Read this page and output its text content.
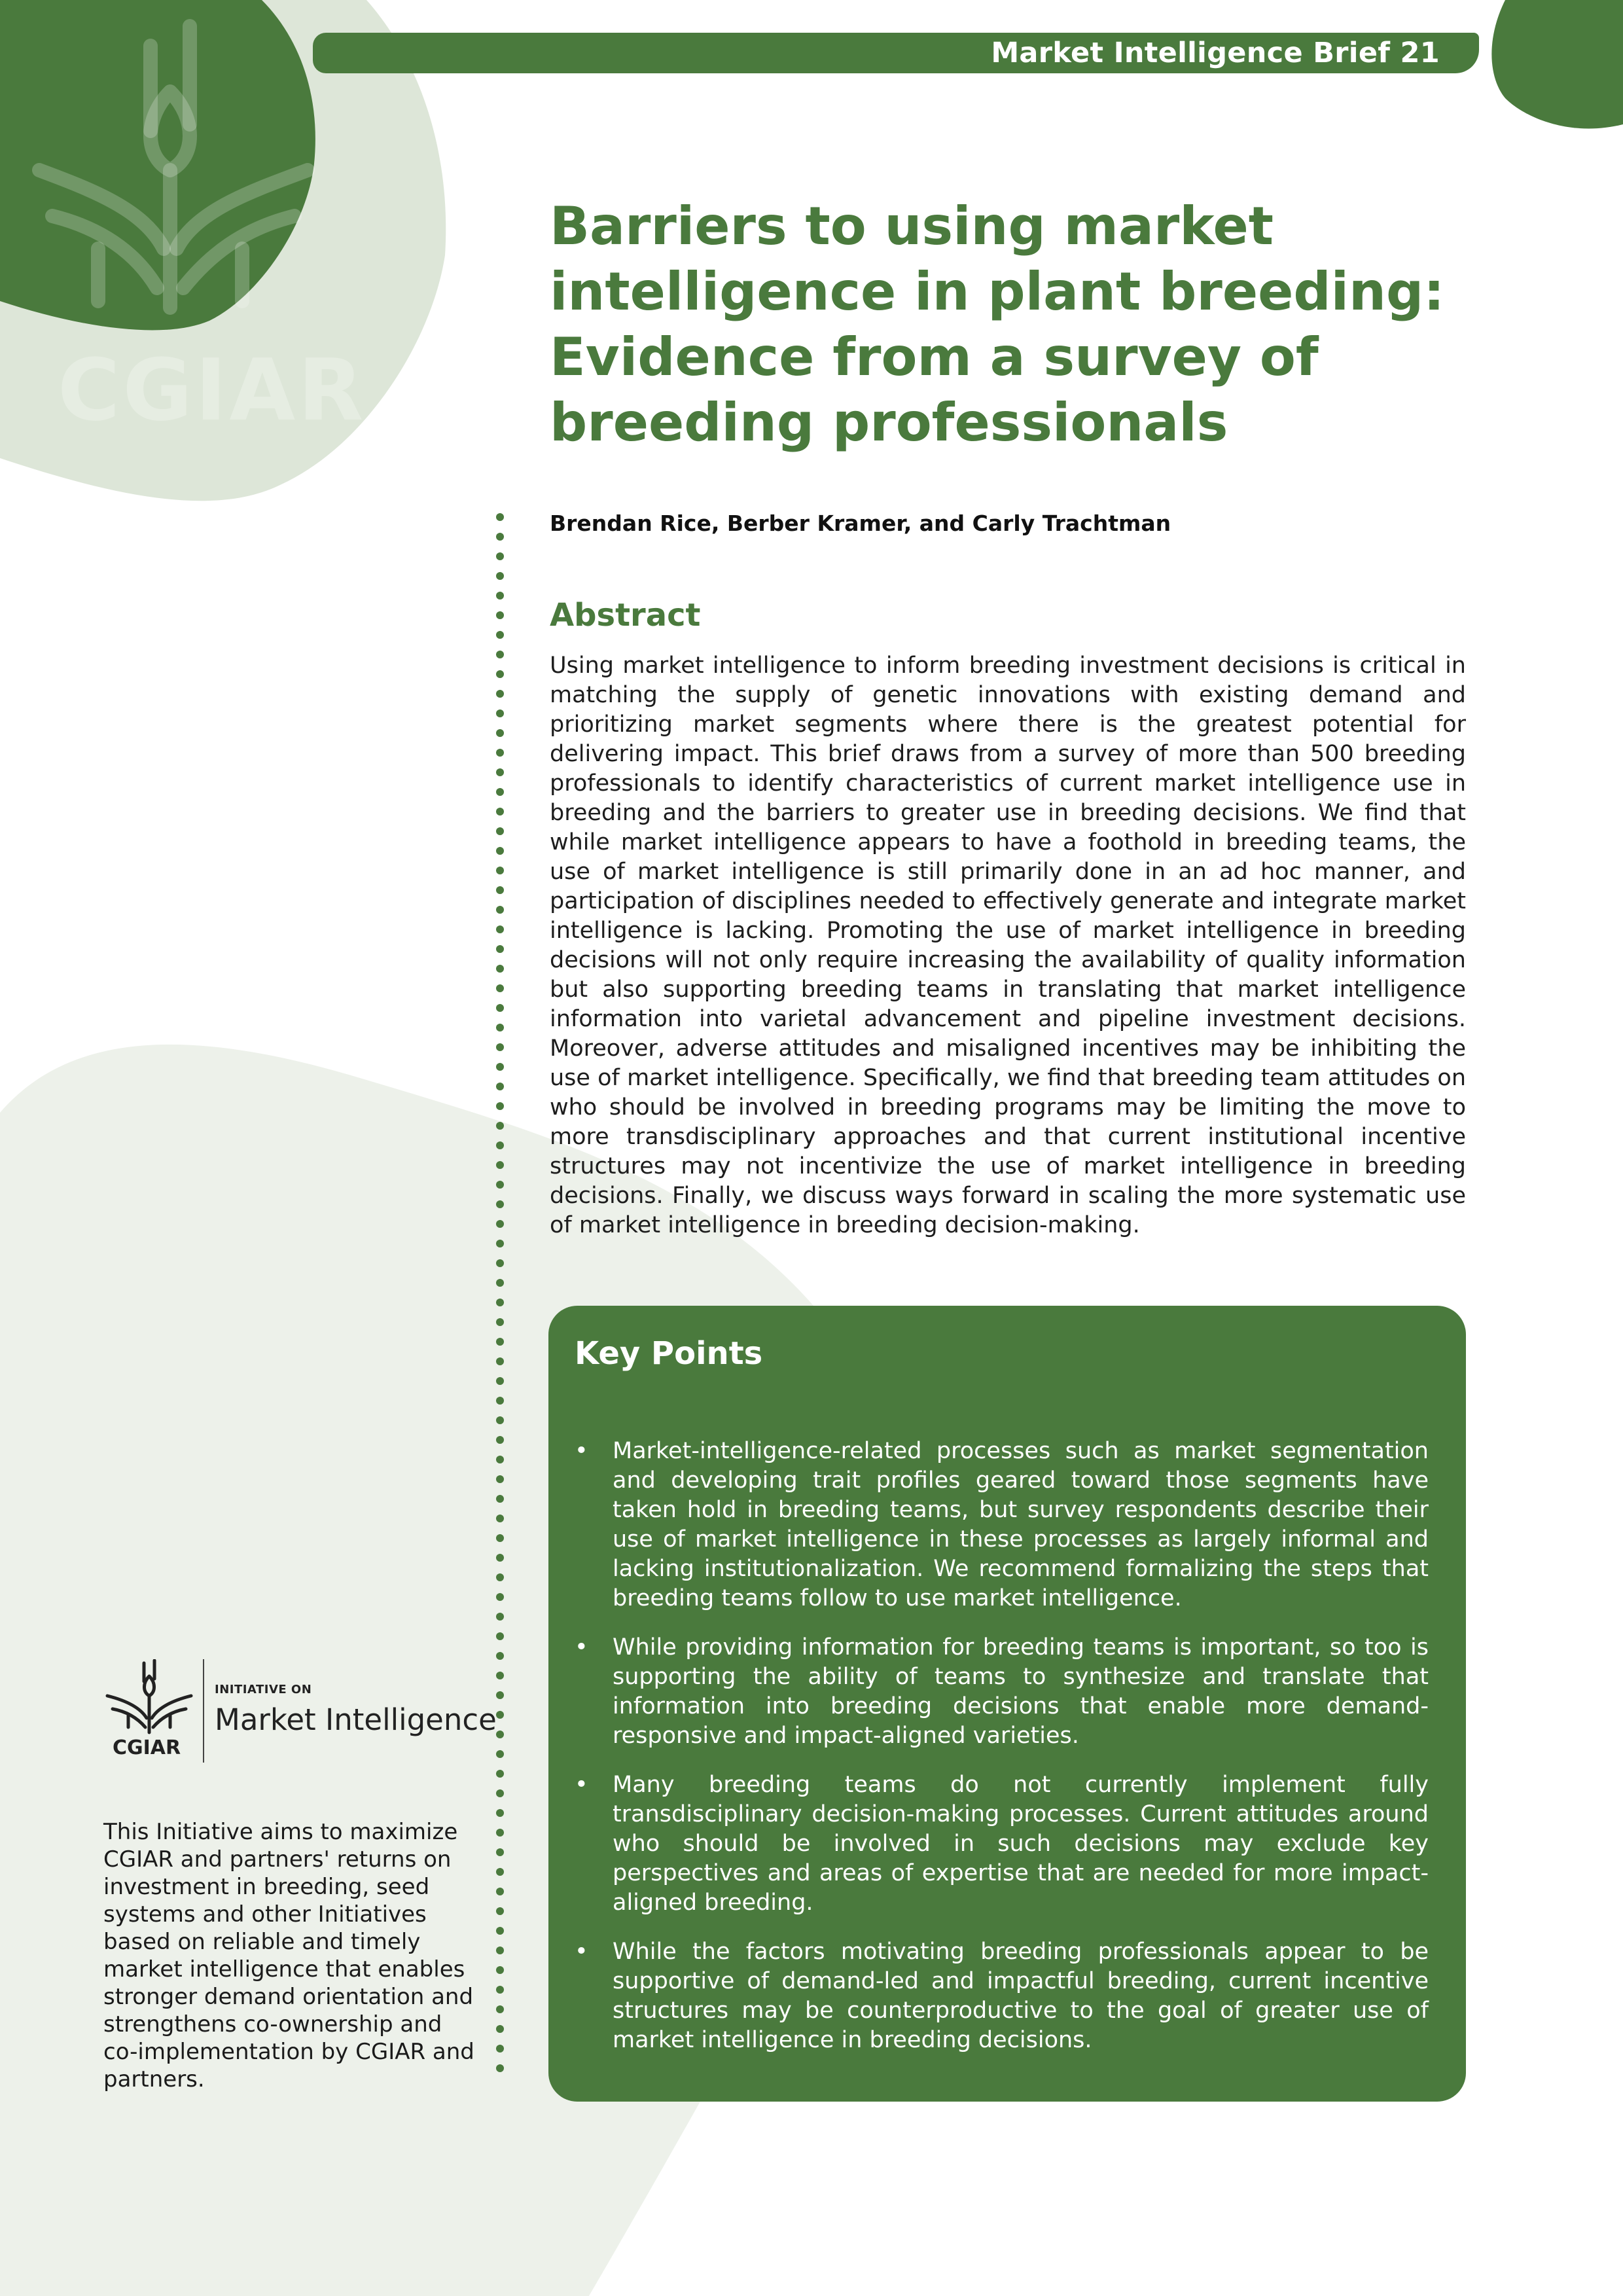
CGIAR
Market Intelligence Brief 21
Barriers to using market
intelligence in plant breeding:
Evidence from a survey of
breeding professionals
Brendan Rice, Berber Kramer, and Carly Trachtman
Abstract

Using market intelligence to inform breeding investment decisions is critical in matching the supply of genetic innovations with existing demand and prioritizing market segments where there is the greatest potential for delivering impact. This brief draws from a survey of more than 500 breeding professionals to identify characteristics of current market intelligence use in breeding and the barriers to greater use in breeding decisions. We find that while market intelligence appears to have a foothold in breeding teams, the use of market intelligence is still primarily done in an ad hoc manner, and participation of disciplines needed to effectively generate and integrate market intelligence is lacking. Promoting the use of market intelligence in breeding decisions will not only require increasing the availability of quality information but also supporting breeding teams in translating that market intelligence information into varietal advancement and pipeline investment decisions. Moreover, adverse attitudes and misaligned incentives may be inhibiting the use of market intelligence. Specifically, we find that breeding team attitudes on who should be involved in breeding programs may be limiting the move to more transdisciplinary approaches and that current institutional incentive structures may not incentivize the use of market intelligence in breeding decisions. Finally, we discuss ways forward in scaling the more systematic use of market intelligence in breeding decision-making.

Key Points
• Market-intelligence-related processes such as market segmentation and developing trait profiles geared toward those segments have taken hold in breeding teams, but survey respondents describe their use of market intelligence in these processes as largely informal and lacking institutionalization. We recommend formalizing the steps that breeding teams follow to use market intelligence.
• While providing information for breeding teams is important, so too is supporting the ability of teams to synthesize and translate that information into breeding decisions that enable more demand-responsive and impact-aligned varieties.
• Many breeding teams do not currently implement fully transdisciplinary decision-making processes. Current attitudes around who should be involved in such decisions may exclude key perspectives and areas of expertise that are needed for more impact-aligned breeding.
• While the factors motivating breeding professionals appear to be supportive of demand-led and impactful breeding, current incentive structures may be counterproductive to the goal of greater use of market intelligence in breeding decisions.
CGIAR
INITIATIVE ON
Market Intelligence

This Initiative aims to maximize CGIAR and partners' returns on investment in breeding, seed systems and other Initiatives based on reliable and timely market intelligence that enables stronger demand orientation and strengthens co-ownership and co-implementation by CGIAR and partners.
